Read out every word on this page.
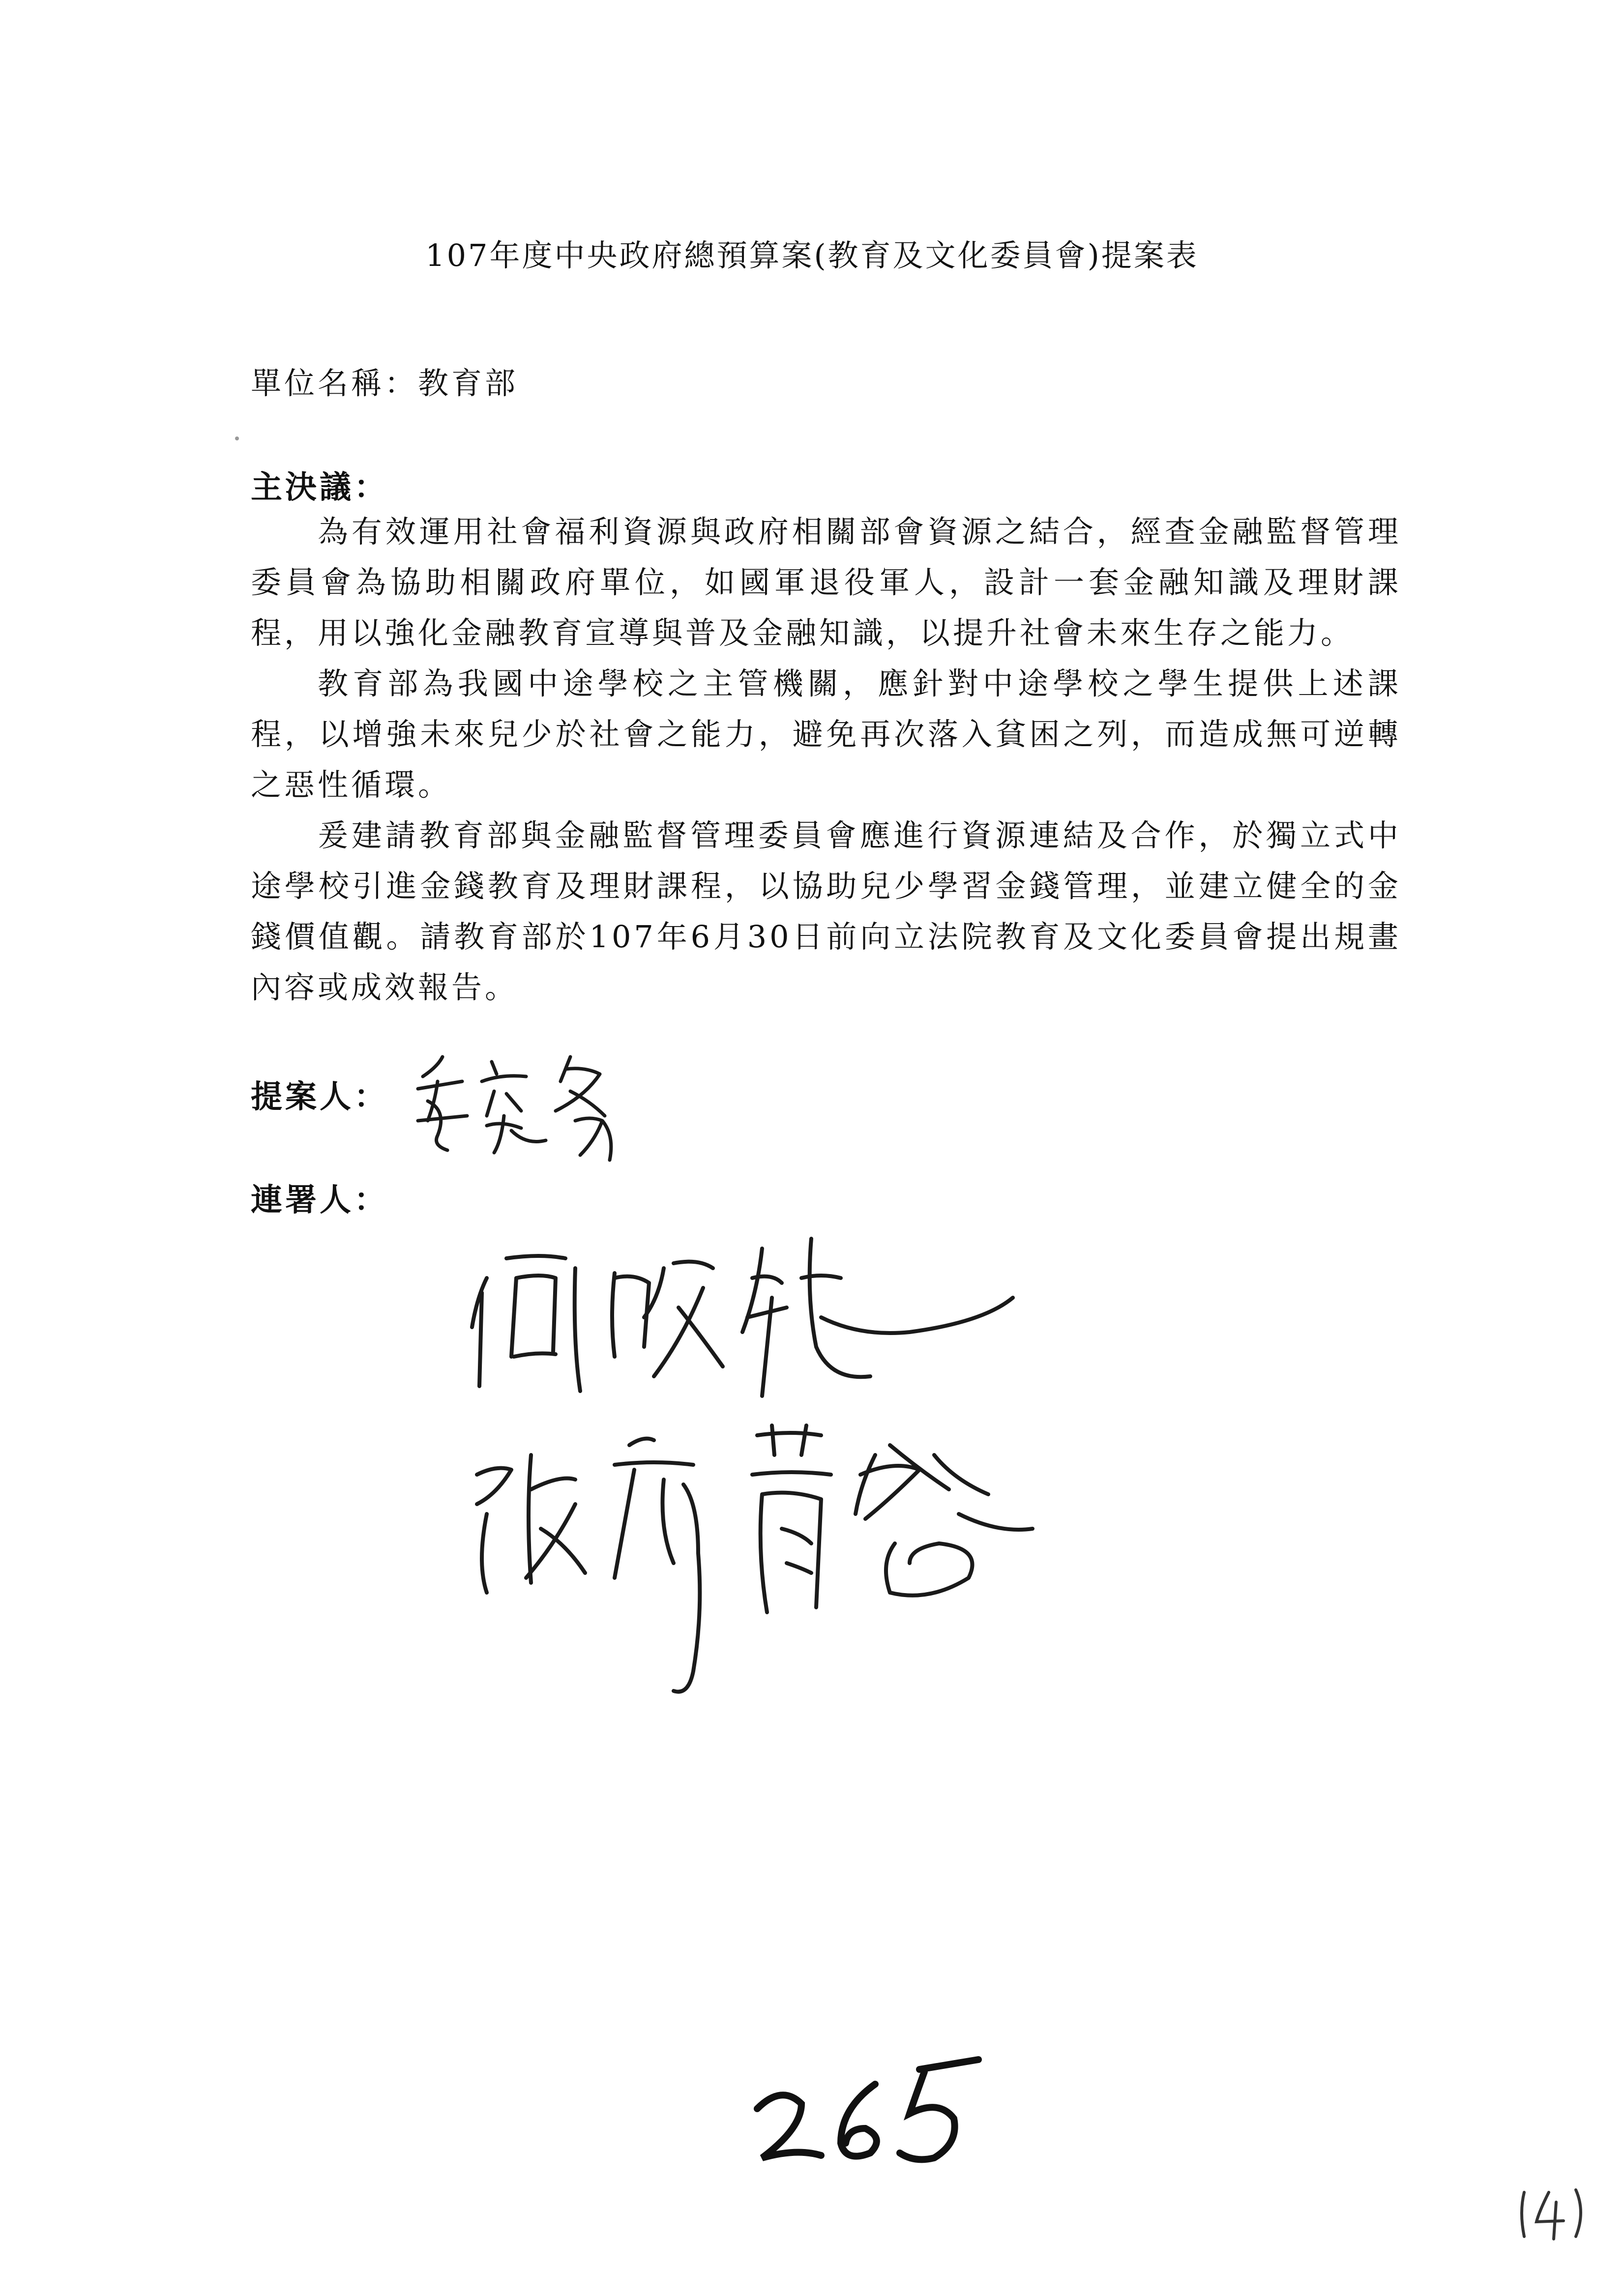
107年度中央政府總預算案(教育及文化委員會)提案表

單位名稱：教育部

主決議：

為有效運用社會福利資源與政府相關部會資源之結合，經查金融監督管理委員會為協助相關政府單位，如國軍退役軍人，設計一套金融知識及理財課程，用以強化金融教育宣導與普及金融知識，以提升社會未來生存之能力。

教育部為我國中途學校之主管機關，應針對中途學校之學生提供上述課程，以增強未來兒少於社會之能力，避免再次落入貧困之列，而造成無可逆轉之惡性循環。

爰建請教育部與金融監督管理委員會應進行資源連結及合作，於獨立式中途學校引進金錢教育及理財課程，以協助兒少學習金錢管理，並建立健全的金錢價值觀。請教育部於107年6月30日前向立法院教育及文化委員會提出規畫內容或成效報告。

提案人：

連署人：
